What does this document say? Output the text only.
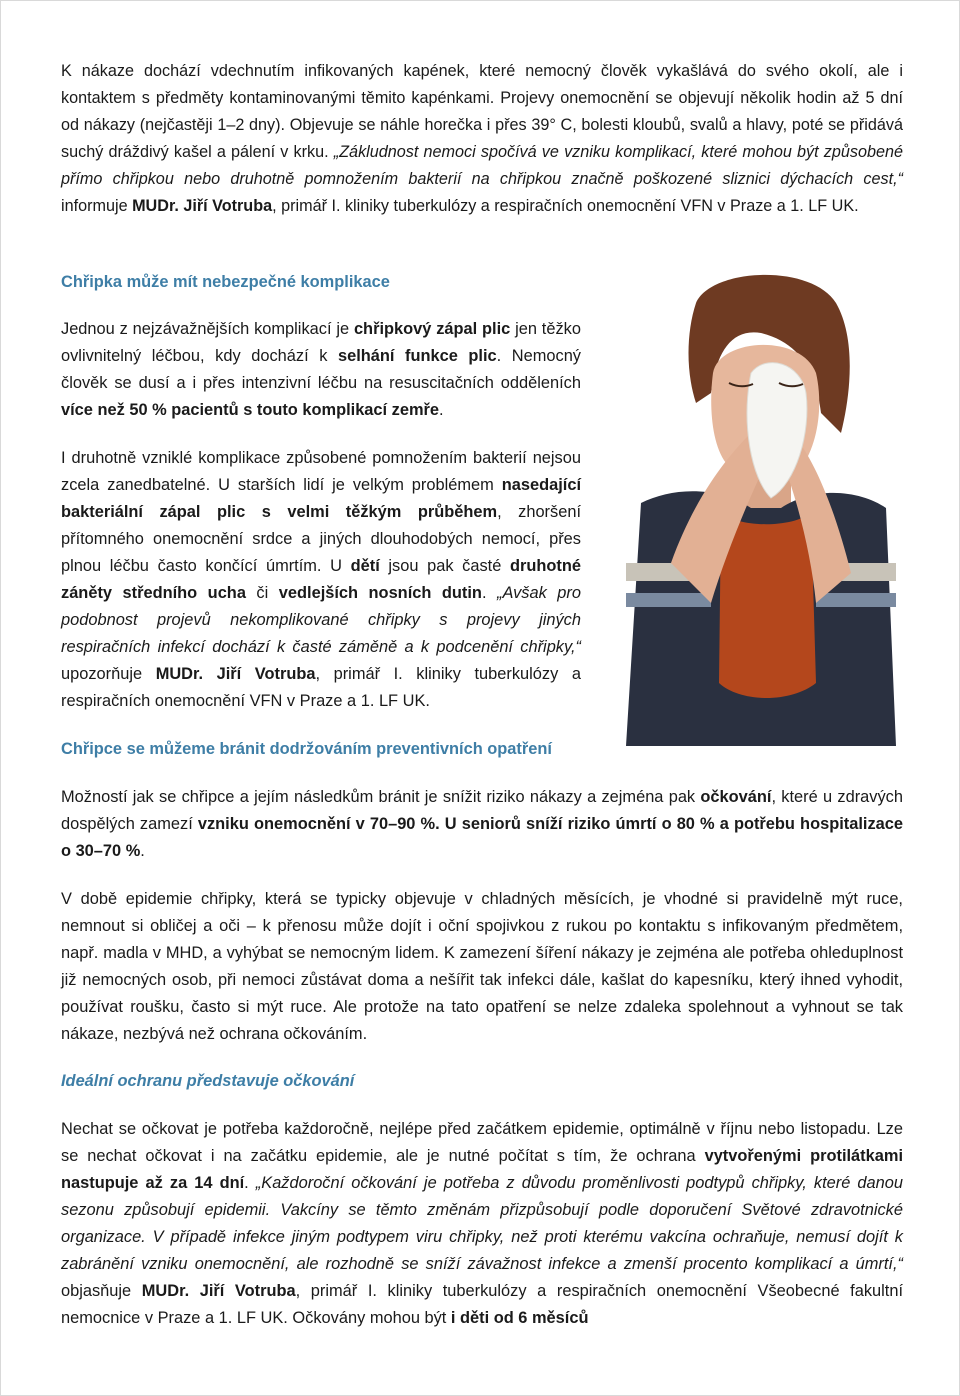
K nákaze dochází vdechnutím infikovaných kapének, které nemocný člověk vykašlává do svého okolí, ale i kontaktem s předměty kontaminovanými těmito kapénkami. Projevy onemocnění se objevují několik hodin až 5 dní od nákazy (nejčastěji 1–2 dny). Objevuje se náhle horečka i přes 39° C, bolesti kloubů, svalů a hlavy, poté se přidává suchý dráždivý kašel a pálení v krku. „Zákludnost nemoci spočívá ve vzniku komplikací, které mohou být způsobené přímo chřipkou nebo druhotně pomnožením bakterií na chřipkou značně poškozené sliznici dýchacích cest,“ informuje MUDr. Jiří Votruba, primář I. kliniky tuberkulózy a respiračních onemocnění VFN v Praze a 1. LF UK.

Chřipka může mít nebezpečné komplikace

Jednou z nejzávažnějších komplikací je chřipkový zápal plic jen těžko ovlivnitelný léčbou, kdy dochází k selhání funkce plic. Nemocný člověk se dusí a i přes intenzivní léčbu na resuscitačních odděleních více než 50 % pacientů s touto komplikací zemře.

I druhotně vzniklé komplikace způsobené pomnožením bakterií nejsou zcela zanedbatelné. U starších lidí je velkým problémem nasedající bakteriální zápal plic s velmi těžkým průběhem, zhoršení přítomného onemocnění srdce a jiných dlouhodobých nemocí, přes plnou léčbu často končící úmrtím. U dětí jsou pak časté druhotné záněty středního ucha či vedlejších nosních dutin. „Avšak pro podobnost projevů nekomplikované chřipky s projevy jiných respiračních infekcí dochází k časté záměně a k podcenění chřipky,“ upozorňuje MUDr. Jiří Votruba, primář I. kliniky tuberkulózy a respiračních onemocnění VFN v Praze a 1. LF UK.

Chřipce se můžeme bránit dodržováním preventivních opatření

Možností jak se chřipce a jejím následkům bránit je snížit riziko nákazy a zejména pak očkování, které u zdravých dospělých zamezí vzniku onemocnění v 70–90 %. U seniorů sníží riziko úmrtí o 80 % a potřebu hospitalizace o 30–70 %.

V době epidemie chřipky, která se typicky objevuje v chladných měsících, je vhodné si pravidelně mýt ruce, nemnout si obličej a oči – k přenosu může dojít i oční spojivkou z rukou po kontaktu s infikovaným předmětem, např. madla v MHD, a vyhýbat se nemocným lidem. K zamezení šíření nákazy je zejména ale potřeba ohleduplnost již nemocných osob, při nemoci zůstávat doma a nešířit tak infekci dále, kašlat do kapesníku, který ihned vyhodit, používat roušku, často si mýt ruce. Ale protože na tato opatření se nelze zdaleka spolehnout a vyhnout se tak nákaze, nezbývá než ochrana očkováním.

Ideální ochranu představuje očkování

Nechat se očkovat je potřeba každoročně, nejlépe před začátkem epidemie, optimálně v říjnu nebo listopadu. Lze se nechat očkovat i na začátku epidemie, ale je nutné počítat s tím, že ochrana vytvořenými protilátkami nastupuje až za 14 dní. „Každoroční očkování je potřeba z důvodu proměnlivosti podtypů chřipky, které danou sezonu způsobují epidemii. Vakcíny se těmto změnám přizpůsobují podle doporučení Světové zdravotnické organizace. V případě infekce jiným podtypem viru chřipky, než proti kterému vakcína ochraňuje, nemusí dojít k zabránění vzniku onemocnění, ale rozhodně se sníží závažnost infekce a zmenší procento komplikací a úmrtí,“ objasňuje MUDr. Jiří Votruba, primář I. kliniky tuberkulózy a respiračních onemocnění Všeobecné fakultní nemocnice v Praze a 1. LF UK. Očkovány mohou být i děti od 6 měsíců
